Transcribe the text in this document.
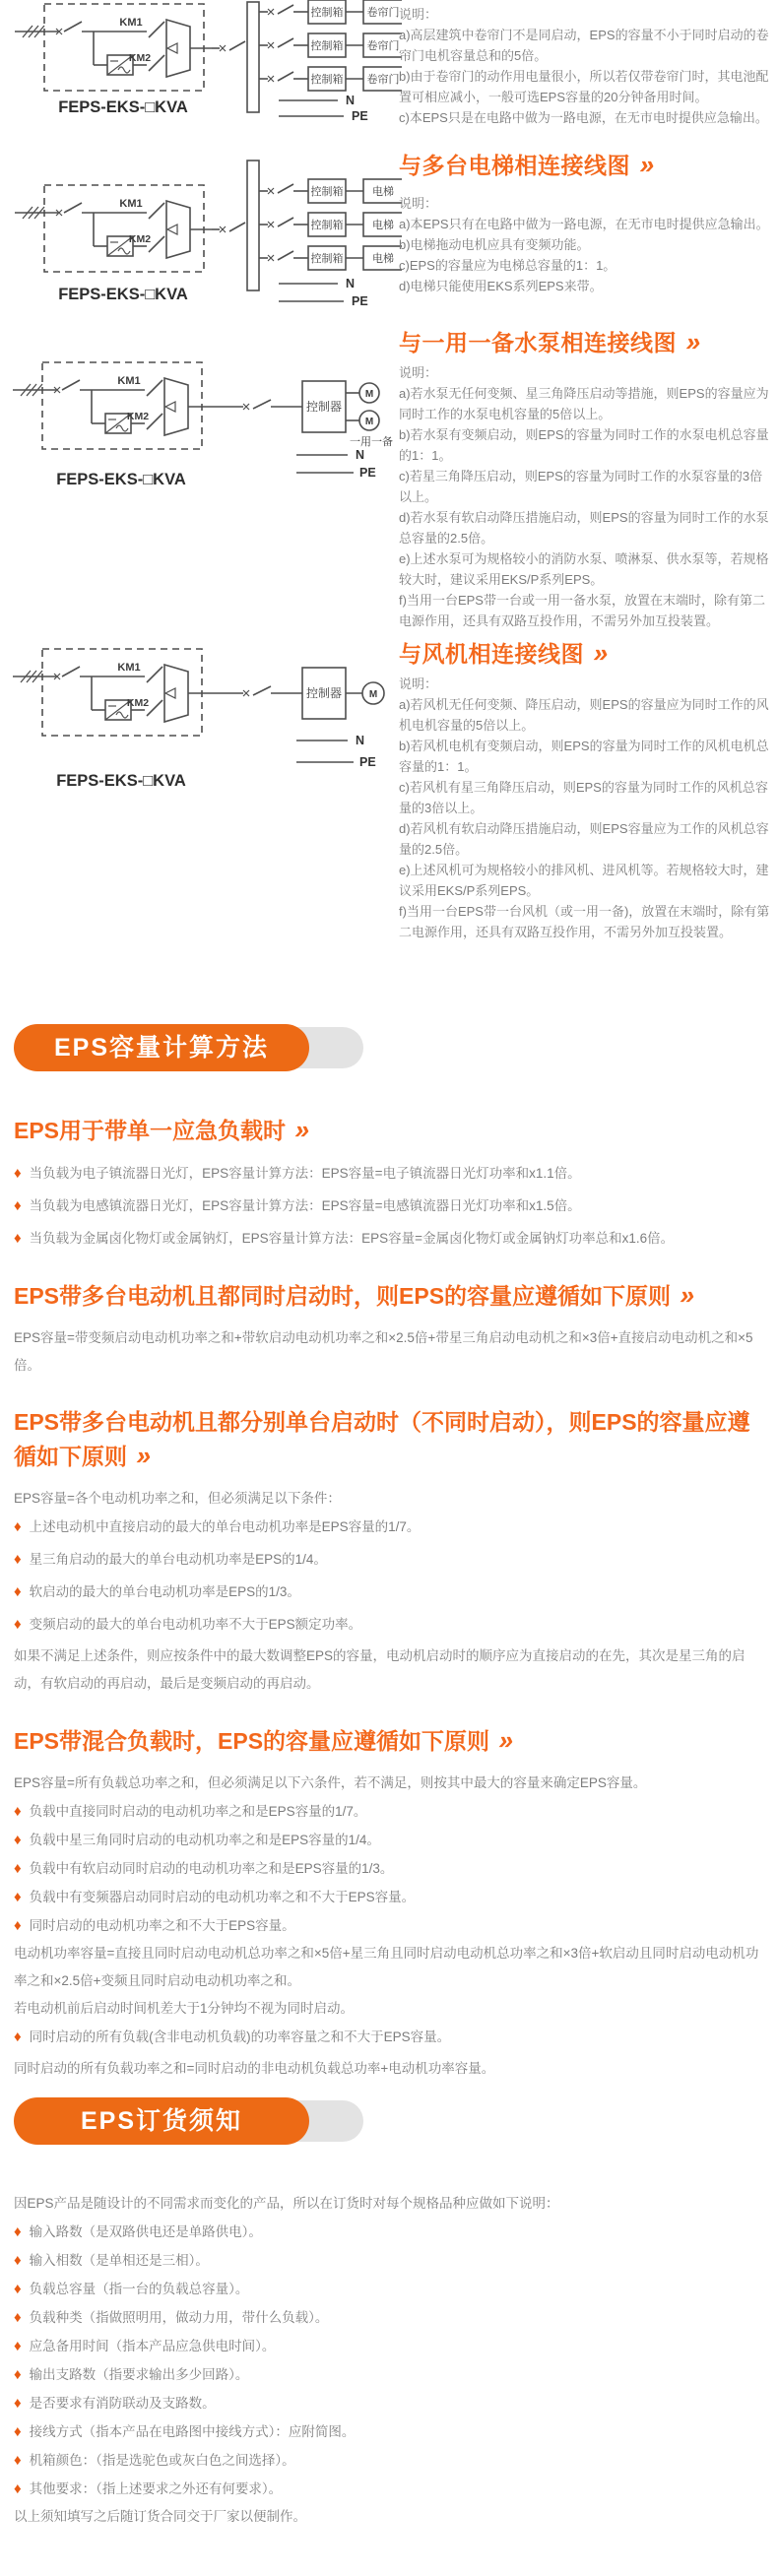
N
PE
FEPS-EKS-□KVA

说明：

a)高层建筑中卷帘门不是同启动，EPS的容量不小于同时启动的卷帘门电机容量总和的5倍。

b)由于卷帘门的动作用电量很小，所以若仅带卷帘门时，其电池配置可相应减小，一般可选EPS容量的20分钟备用时间。

c)本EPS只是在电路中做为一路电源，在无市电时提供应急输出。

与多台电梯相连接线图 »
N
PE
FEPS-EKS-□KVA

说明：

a)本EPS只有在电路中做为一路电源，在无市电时提供应急输出。

b)电梯拖动电机应具有变频功能。

c)EPS的容量应为电梯总容量的1：1。

d)电梯只能使用EKS系列EPS来带。

与一用一备水泵相连接线图 »
控制器
M
M
一用一备
N
PE
FEPS-EKS-□KVA

说明：

a)若水泵无任何变频、星三角降压启动等措施，则EPS的容量应为同时工作的水泵电机容量的5倍以上。

b)若水泵有变频启动，则EPS的容量为同时工作的水泵电机总容量的1：1。

c)若星三角降压启动，则EPS的容量为同时工作的水泵容量的3倍以上。

d)若水泵有软启动降压措施启动，则EPS的容量为同时工作的水泵总容量的2.5倍。

e)上述水泵可为规格较小的消防水泵、喷淋泵、供水泵等，若规格较大时，建议采用EKS/P系列EPS。

f)当用一台EPS带一台或一用一备水泵，放置在末端时，除有第二电源作用，还具有双路互投作用，不需另外加互投装置。

与风机相连接线图 »
控制器	M
N
PE
FEPS-EKS-□KVA

说明：

a)若风机无任何变频、降压启动，则EPS的容量应为同时工作的风机电机容量的5倍以上。

b)若风机电机有变频启动，则EPS的容量为同时工作的风机电机总容量的1：1。

c)若风机有星三角降压启动，则EPS的容量为同时工作的风机总容量的3倍以上。

d)若风机有软启动降压措施启动，则EPS容量应为工作的风机总容量的2.5倍。

e)上述风机可为规格较小的排风机、进风机等。若规格较大时，建议采用EKS/P系列EPS。

f)当用一台EPS带一台风机（或一用一备)，放置在末端时，除有第二电源作用，还具有双路互投作用，不需另外加互投装置。

EPS容量计算方法
EPS用于带单一应急负载时 »
♦ 当负载为电子镇流器日光灯，EPS容量计算方法：EPS容量=电子镇流器日光灯功率和x1.1倍。
♦ 当负载为电感镇流器日光灯，EPS容量计算方法：EPS容量=电感镇流器日光灯功率和x1.5倍。
♦ 当负载为金属卤化物灯或金属钠灯，EPS容量计算方法：EPS容量=金属卤化物灯或金属钠灯功率总和x1.6倍。
EPS带多台电动机且都同时启动时，则EPS的容量应遵循如下原则 »

EPS容量=带变频启动电动机功率之和+带软启动电动机功率之和×2.5倍+带星三角启动电动机之和×3倍+直接启动电动机之和×5倍。

EPS带多台电动机且都分别单台启动时（不同时启动），则EPS的容量应遵循如下原则 »

EPS容量=各个电动机功率之和，但必须满足以下条件：

♦ 上述电动机中直接启动的最大的单台电动机功率是EPS容量的1/7。
♦ 星三角启动的最大的单台电动机功率是EPS的1/4。
♦ 软启动的最大的单台电动机功率是EPS的1/3。
♦ 变频启动的最大的单台电动机功率不大于EPS额定功率。

如果不满足上述条件，则应按条件中的最大数调整EPS的容量，电动机启动时的顺序应为直接启动的在先，其次是星三角的启动，有软启动的再启动，最后是变频启动的再启动。

EPS带混合负载时，EPS的容量应遵循如下原则 »

EPS容量=所有负载总功率之和，但必须满足以下六条件，若不满足，则按其中最大的容量来确定EPS容量。

♦ 负载中直接同时启动的电动机功率之和是EPS容量的1/7。
♦ 负载中星三角同时启动的电动机功率之和是EPS容量的1/4。
♦ 负载中有软启动同时启动的电动机功率之和是EPS容量的1/3。
♦ 负载中有变频器启动同时启动的电动机功率之和不大于EPS容量。
♦ 同时启动的电动机功率之和不大于EPS容量。

电动机功率容量=直接且同时启动电动机总功率之和×5倍+星三角且同时启动电动机总功率之和×3倍+软启动且同时启动电动机功率之和×2.5倍+变频且同时启动电动机功率之和。

若电动机前后启动时间机差大于1分钟均不视为同时启动。

♦ 同时启动的所有负载(含非电动机负载)的功率容量之和不大于EPS容量。

同时启动的所有负载功率之和=同时启动的非电动机负载总功率+电动机功率容量。

EPS订货须知

因EPS产品是随设计的不同需求而变化的产品，所以在订货时对每个规格品种应做如下说明：

♦ 输入路数（是双路供电还是单路供电）。
♦ 输入相数（是单相还是三相）。
♦ 负载总容量（指一台的负载总容量）。
♦ 负载种类（指做照明用，做动力用，带什么负载）。
♦ 应急备用时间（指本产品应急供电时间）。
♦ 输出支路数（指要求输出多少回路）。
♦ 是否要求有消防联动及支路数。
♦ 接线方式（指本产品在电路图中接线方式）：应附简图。
♦ 机箱颜色：（指是选驼色或灰白色之间选择）。
♦ 其他要求：（指上述要求之外还有何要求）。

以上须知填写之后随订货合同交于厂家以便制作。
